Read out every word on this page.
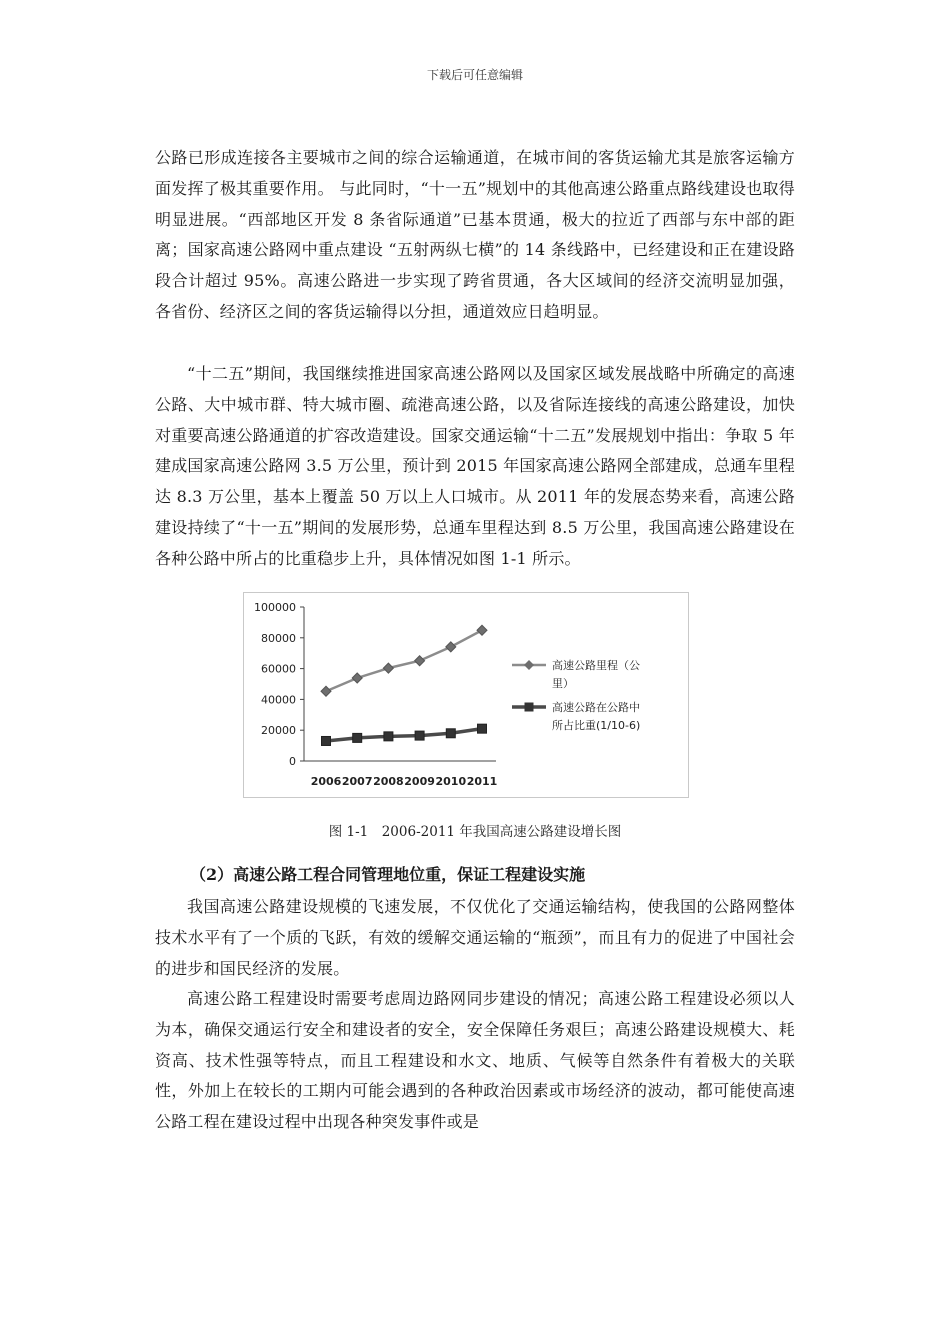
下载后可任意编辑
公路已形成连接各主要城市之间的综合运输通道，在城市间的客货运输尤其是旅客运输方面发挥了极其重要作用。 与此同时，“十一五”规划中的其他高速公路重点路线建设也取得明显进展。“西部地区开发 8 条省际通道”已基本贯通，极大的拉近了西部与东中部的距离；国家高速公路网中重点建设 “五射两纵七横”的 14 条线路中，已经建设和正在建设路段合计超过 95%。高速公路进一步实现了跨省贯通，各大区域间的经济交流明显加强，各省份、经济区之间的客货运输得以分担，通道效应日趋明显。
“十二五”期间，我国继续推进国家高速公路网以及国家区域发展战略中所确定的高速公路、大中城市群、特大城市圈、疏港高速公路，以及省际连接线的高速公路建设，加快对重要高速公路通道的扩容改造建设。国家交通运输“十二五”发展规划中指出：争取 5 年建成国家高速公路网 3.5 万公里，预计到 2015 年国家高速公路网全部建成，总通车里程达 8.3 万公里，基本上覆盖 50 万以上人口城市。从 2011 年的发展态势来看，高速公路建设持续了“十一五”期间的发展形势，总通车里程达到 8.5 万公里，我国高速公路建设在各种公路中所占的比重稳步上升，具体情况如图 1-1 所示。
100000
80000
60000
40000
20000
0
2006 2007 2008 2009 2010 2011
高速公路里程（公
里）
高速公路在公路中
所占比重(1/10-6)
图 1-1　2006-2011 年我国高速公路建设增长图
（2）高速公路工程合同管理地位重，保证工程建设实施
我国高速公路建设规模的飞速发展，不仅优化了交通运输结构，使我国的公路网整体技术水平有了一个质的飞跃，有效的缓解交通运输的“瓶颈”，而且有力的促进了中国社会的进步和国民经济的发展。
高速公路工程建设时需要考虑周边路网同步建设的情况；高速公路工程建设必须以人为本，确保交通运行安全和建设者的安全，安全保障任务艰巨；高速公路建设规模大、耗资高、技术性强等特点，而且工程建设和水文、地质、气候等自然条件有着极大的关联性，外加上在较长的工期内可能会遇到的各种政治因素或市场经济的波动，都可能使高速公路工程在建设过程中出现各种突发事件或是
